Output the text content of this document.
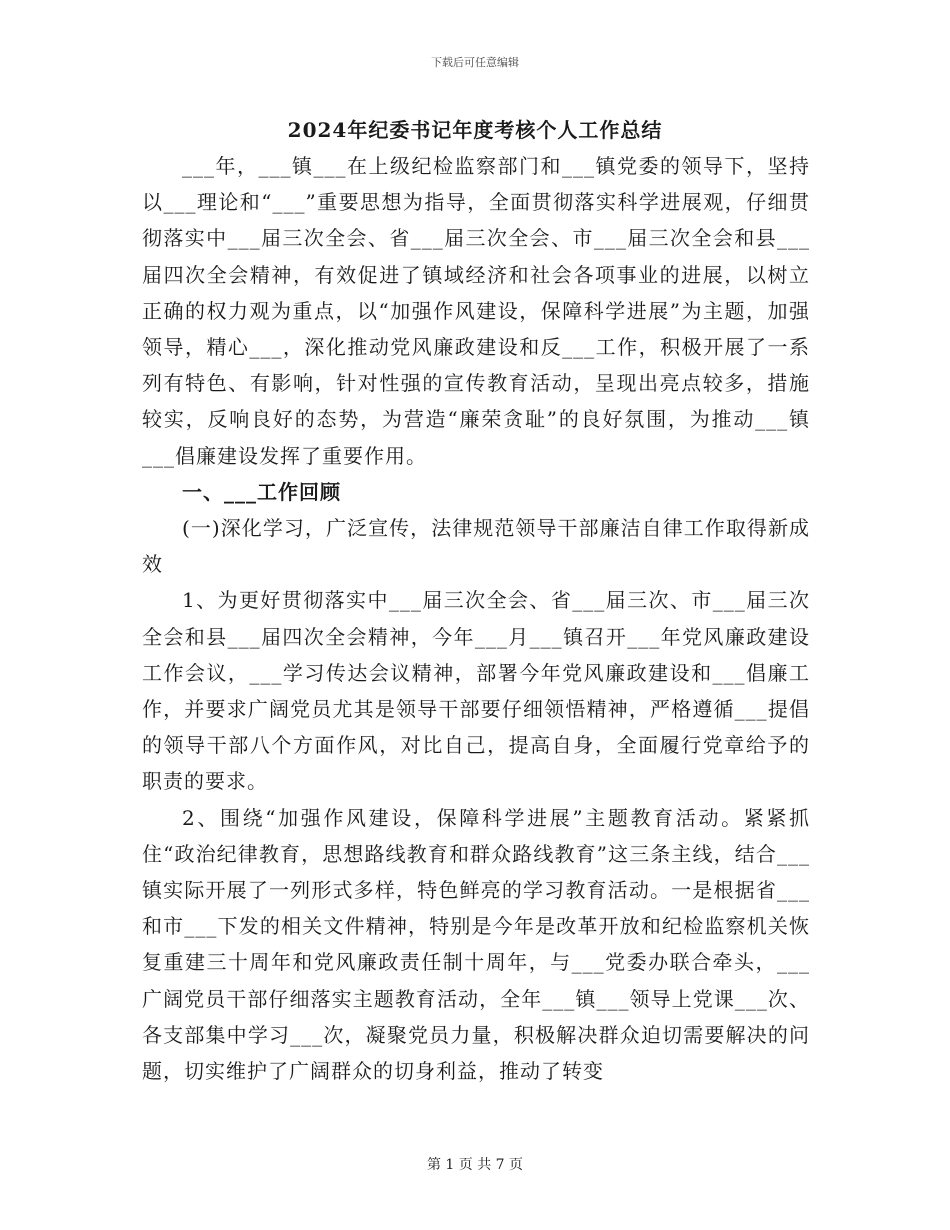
下载后可任意编辑
2024年纪委书记年度考核个人工作总结

___年，___镇___在上级纪检监察部门和___镇党委的领导下，坚持以___理论和“___”重要思想为指导，全面贯彻落实科学进展观，仔细贯彻落实中___届三次全会、省___届三次全会、市___届三次全会和县___届四次全会精神，有效促进了镇域经济和社会各项事业的进展，以树立正确的权力观为重点，以“加强作风建设，保障科学进展”为主题，加强领导，精心___，深化推动党风廉政建设和反___工作，积极开展了一系列有特色、有影响，针对性强的宣传教育活动，呈现出亮点较多，措施较实，反响良好的态势，为营造“廉荣贪耻”的良好氛围，为推动___镇___倡廉建设发挥了重要作用。

一、___工作回顾

(一)深化学习，广泛宣传，法律规范领导干部廉洁自律工作取得新成效

1、为更好贯彻落实中___届三次全会、省___届三次、市___届三次全会和县___届四次全会精神，今年___月___镇召开___年党风廉政建设工作会议，___学习传达会议精神，部署今年党风廉政建设和___倡廉工作，并要求广阔党员尤其是领导干部要仔细领悟精神，严格遵循___提倡的领导干部八个方面作风，对比自己，提高自身，全面履行党章给予的职责的要求。

2、围绕“加强作风建设，保障科学进展”主题教育活动。紧紧抓住“政治纪律教育，思想路线教育和群众路线教育”这三条主线，结合___镇实际开展了一列形式多样，特色鲜亮的学习教育活动。一是根据省___和市___下发的相关文件精神，特别是今年是改革开放和纪检监察机关恢复重建三十周年和党风廉政责任制十周年，与___党委办联合牵头，___广阔党员干部仔细落实主题教育活动，全年___镇___领导上党课___次、各支部集中学习___次，凝聚党员力量，积极解决群众迫切需要解决的问题，切实维护了广阔群众的切身利益，推动了转变

第 1 页 共 7 页
